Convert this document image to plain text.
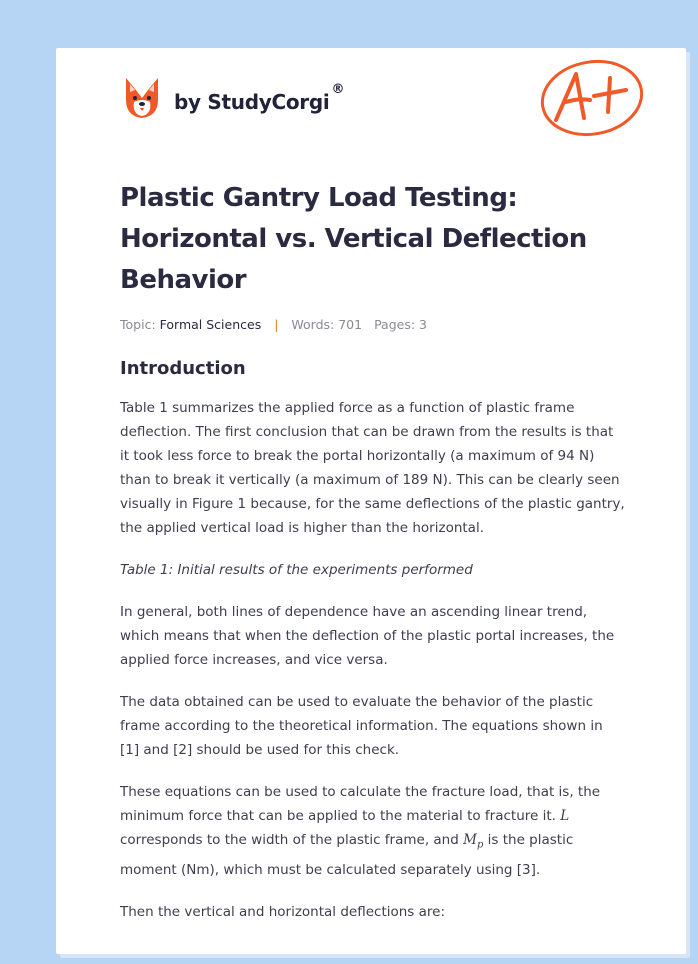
by StudyCorgi®
Plastic Gantry Load Testing: Horizontal vs. Vertical Deflection Behavior
Topic: Formal Sciences | Words: 701 Pages: 3
Introduction

Table 1 summarizes the applied force as a function of plastic frame deflection. The first conclusion that can be drawn from the results is that it took less force to break the portal horizontally (a maximum of 94 N) than to break it vertically (a maximum of 189 N). This can be clearly seen visually in Figure 1 because, for the same deflections of the plastic gantry, the applied vertical load is higher than the horizontal.

Table 1: Initial results of the experiments performed

In general, both lines of dependence have an ascending linear trend, which means that when the deflection of the plastic portal increases, the applied force increases, and vice versa.

The data obtained can be used to evaluate the behavior of the plastic frame according to the theoretical information. The equations shown in [1] and [2] should be used for this check.

These equations can be used to calculate the fracture load, that is, the minimum force that can be applied to the material to fracture it. L corresponds to the width of the plastic frame, and $M_p$ is the plastic moment (Nm), which must be calculated separately using [3].

Then the vertical and horizontal deflections are:
